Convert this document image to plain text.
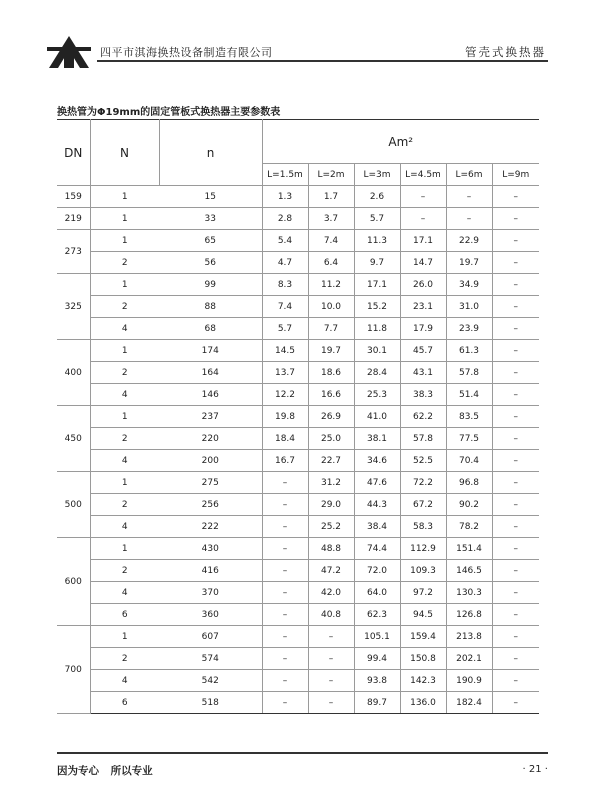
四平市淇海换热设备制造有限公司	管壳式换热器
换热管为Φ19mm的固定管板式换热器主要参数表
DN	N	n	Am²					
			L=1.5m	L=2m	L=3m	L=4.5m	L=6m	L=9m
159	1	15	1.3	1.7	2.6	–	–	–
219	1	33	2.8	3.7	5.7	–	–	–
273	1	65	5.4	7.4	11.3	17.1	22.9	–
	2	56	4.7	6.4	9.7	14.7	19.7	–
325	1	99	8.3	11.2	17.1	26.0	34.9	–
	2	88	7.4	10.0	15.2	23.1	31.0	–
	4	68	5.7	7.7	11.8	17.9	23.9	–
400	1	174	14.5	19.7	30.1	45.7	61.3	–
	2	164	13.7	18.6	28.4	43.1	57.8	–
	4	146	12.2	16.6	25.3	38.3	51.4	–
450	1	237	19.8	26.9	41.0	62.2	83.5	–
	2	220	18.4	25.0	38.1	57.8	77.5	–
	4	200	16.7	22.7	34.6	52.5	70.4	–
500	1	275	–	31.2	47.6	72.2	96.8	–
	2	256	–	29.0	44.3	67.2	90.2	–
	4	222	–	25.2	38.4	58.3	78.2	–
600	1	430	–	48.8	74.4	112.9	151.4	–
	2	416	–	47.2	72.0	109.3	146.5	–
	4	370	–	42.0	64.0	97.2	130.3	–
	6	360	–	40.8	62.3	94.5	126.8	–
700	1	607	–	–	105.1	159.4	213.8	–
	2	574	–	–	99.4	150.8	202.1	–
	4	542	–	–	93.8	142.3	190.9	–
	6	518	–	–	89.7	136.0	182.4	–
因为专心 所以专业	· 21 ·
